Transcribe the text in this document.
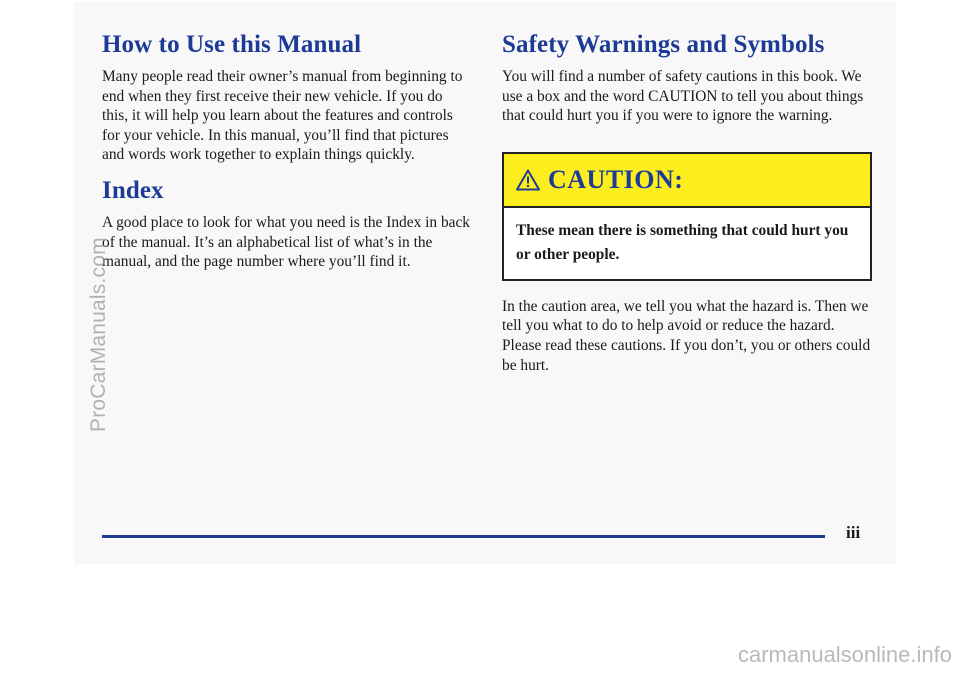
How to Use this Manual

Many people read their owner’s manual from beginning to end when they first receive their new vehicle. If you do this, it will help you learn about the features and controls for your vehicle. In this manual, you’ll find that pictures and words work together to explain things quickly.

Index

A good place to look for what you need is the Index in back of the manual. It’s an alphabetical list of what’s in the manual, and the page number where you’ll find it.

Safety Warnings and Symbols

You will find a number of safety cautions in this book. We use a box and the word CAUTION to tell you about things that could hurt you if you were to ignore the warning.

CAUTION:
These mean there is something that could hurt you or other people.

In the caution area, we tell you what the hazard is. Then we tell you what to do to help avoid or reduce the hazard. Please read these cautions. If you don’t, you or others could be hurt.

iii
ProCarManuals.com
carmanualsonline.info
